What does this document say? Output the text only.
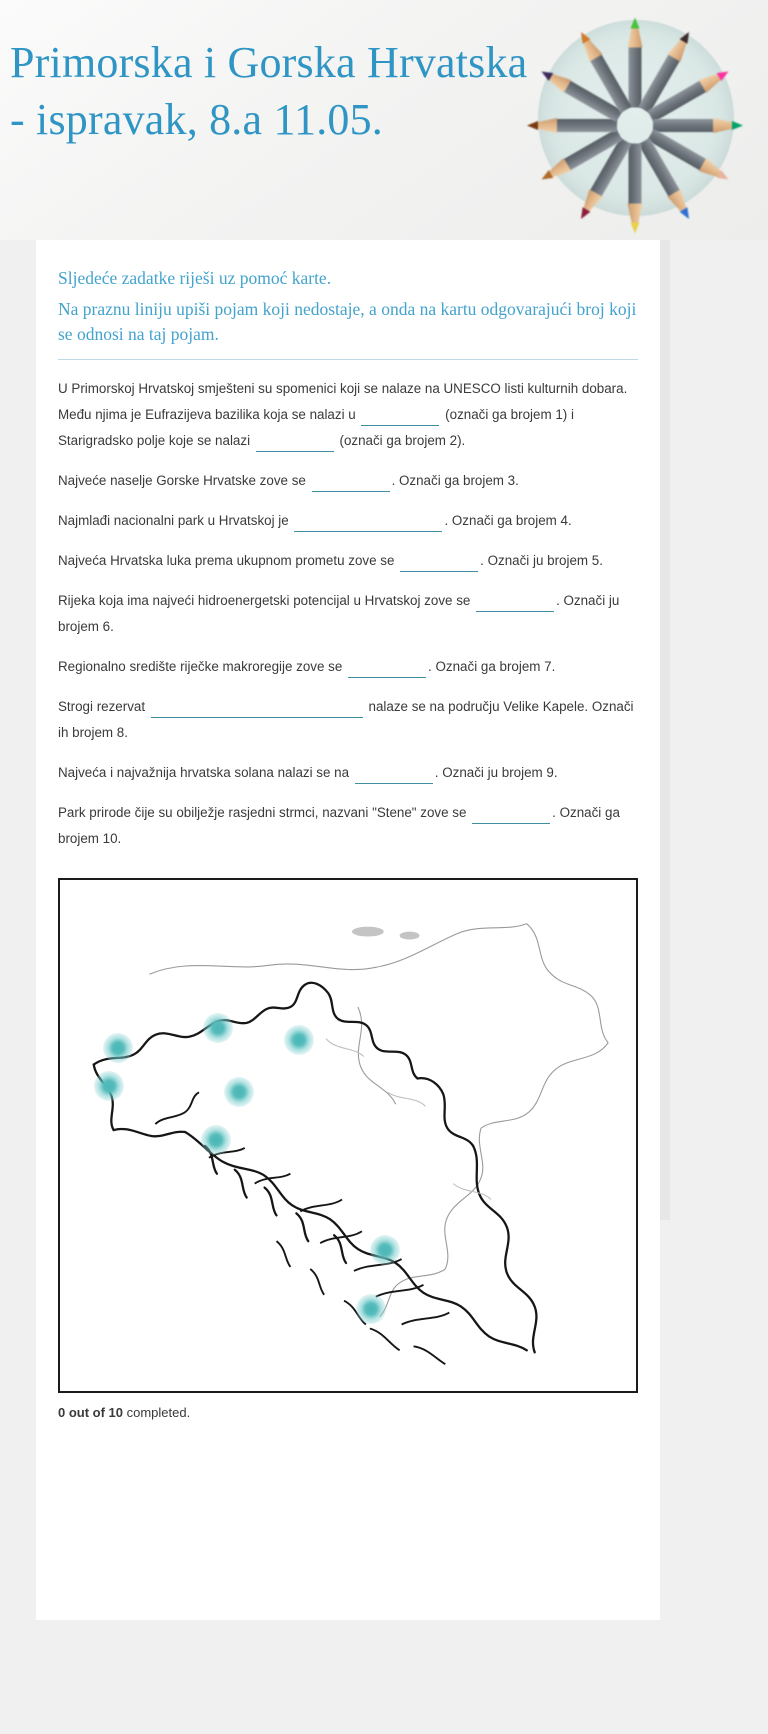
Primorska i Gorska Hrvatska - ispravak, 8.a 11.05.

Sljedeće zadatke riješi uz pomoć karte.

Na praznu liniju upiši pojam koji nedostaje, a onda na kartu odgovarajući broj koji se odnosi na taj pojam.

U Primorskoj Hrvatskoj smješteni su spomenici koji se nalaze na UNESCO listi kulturnih dobara. Među njima je Eufrazijeva bazilika koja se nalazi u	(označi ga brojem 1) i Starigradsko polje koje se nalazi	(označi ga brojem 2).

Najveće naselje Gorske Hrvatske zove se	. Označi ga brojem 3.

Najmlađi nacionalni park u Hrvatskoj je	. Označi ga brojem 4.

Najveća Hrvatska luka prema ukupnom prometu zove se	. Označi ju brojem 5.

Rijeka koja ima najveći hidroenergetski potencijal u Hrvatskoj zove se	. Označi ju brojem 6.

Regionalno središte riječke makroregije zove se	. Označi ga brojem 7.

Strogi rezervat	nalaze se na području Velike Kapele. Označi ih brojem 8.

Najveća i najvažnija hrvatska solana nalazi se na	. Označi ju brojem 9.

Park prirode čije su obilježje rasjedni strmci, nazvani "Stene" zove se	. Označi ga brojem 10.

0 out of 10 completed.
